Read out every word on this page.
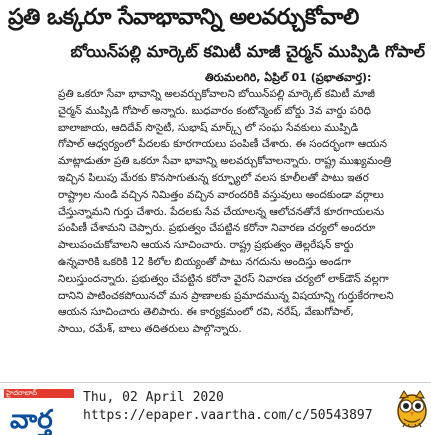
ప్రతి ఒక్కరూ సేవాభావాన్ని అలవర్చుకోవాలి
బోయిన్‌పల్లి మార్కెట్ కమిటీ మాజీ చైర్మన్ ముప్పిడి గోపాల్
తిరుమలగిరి, ఏప్రిల్ 01 (ప్రభాతవార్త):
ప్రతి ఒకరూ సేవా భావాన్ని అలవర్చుకోవాలని బోయిన్‌పల్లి మార్కెట్ కమిటీ మాజీ
చైర్మన్ ముప్పిడి గోపాల్ అన్నారు. బుధవారం కంటోన్మెంట్ బోర్డు 3వ వార్డు పరిధి
బాలాజాయ, ఆదిదేవ్ సొసైటీ, సుభాష్ మార్క్స్ లో సంఘ సేవకులు ముప్పిడి
గోపాల్ ఆధ్వర్యంలో పేదలకు కూరగాయలు పంపిణీ చేశారు. ఈ సందర్భంగా ఆయన
మాట్లాడుతూ ప్రతి ఒకరూ సేవా భావాన్ని అలవర్చుకోవాలన్నారు. రాష్ట్ర ముఖ్యమంత్రి
ఇచ్చిన పిలుపు మేరకు కొనసాగుతున్న కర్ఫ్యూలో వలస కూలీలతో పాటు ఇతర
రాష్ట్రాల నుండి వచ్చిన నిమిత్తం వచ్చిన వారందరికి వస్తువులు అందకుండా వర్గాలు
చేస్తున్నామని గుర్తు చేశారు. పేదలకు సేవ చేయాలన్న ఆలోచనతోనే కూరగాయలను
పంపిణీ చేశామని చెప్పారు. ప్రభుత్వం చేపట్టిన కరోనా నివారణ చర్యలో అందరూ
పాలుపంచుకోవాలని ఆయన సూచించారు. రాష్ట్ర ప్రభుత్వం తెల్లరేషన్ కార్డు
ఉన్నవారికి ఒకరికి 12 కిలోల బియ్యంతో పాటు నగదును అందిస్తు అండగా
నిలుస్తుందన్నారు. ప్రభుత్వం చేపట్టిన కరోనా వైరస్ నివారణ చర్యలో లాక్‌డౌన్ వల్లగా
దానిని పాటించకపోయినచో మన ప్రాణాలకు ప్రమాదమున్న విషయాన్ని గుర్తుకేరగాలని
ఆయన సూచించారు తెలిపారు. ఈ కార్యక్రమంలో రవి, నరేష్, వేణుగోపాల్,
సాయి, రమేశ్, బాలు తదితరులు పాల్గొన్నారు.
హైదరాబాద్
వార్త
Thu, 02 April 2020
https://epaper.vaartha.com/c/50543897
